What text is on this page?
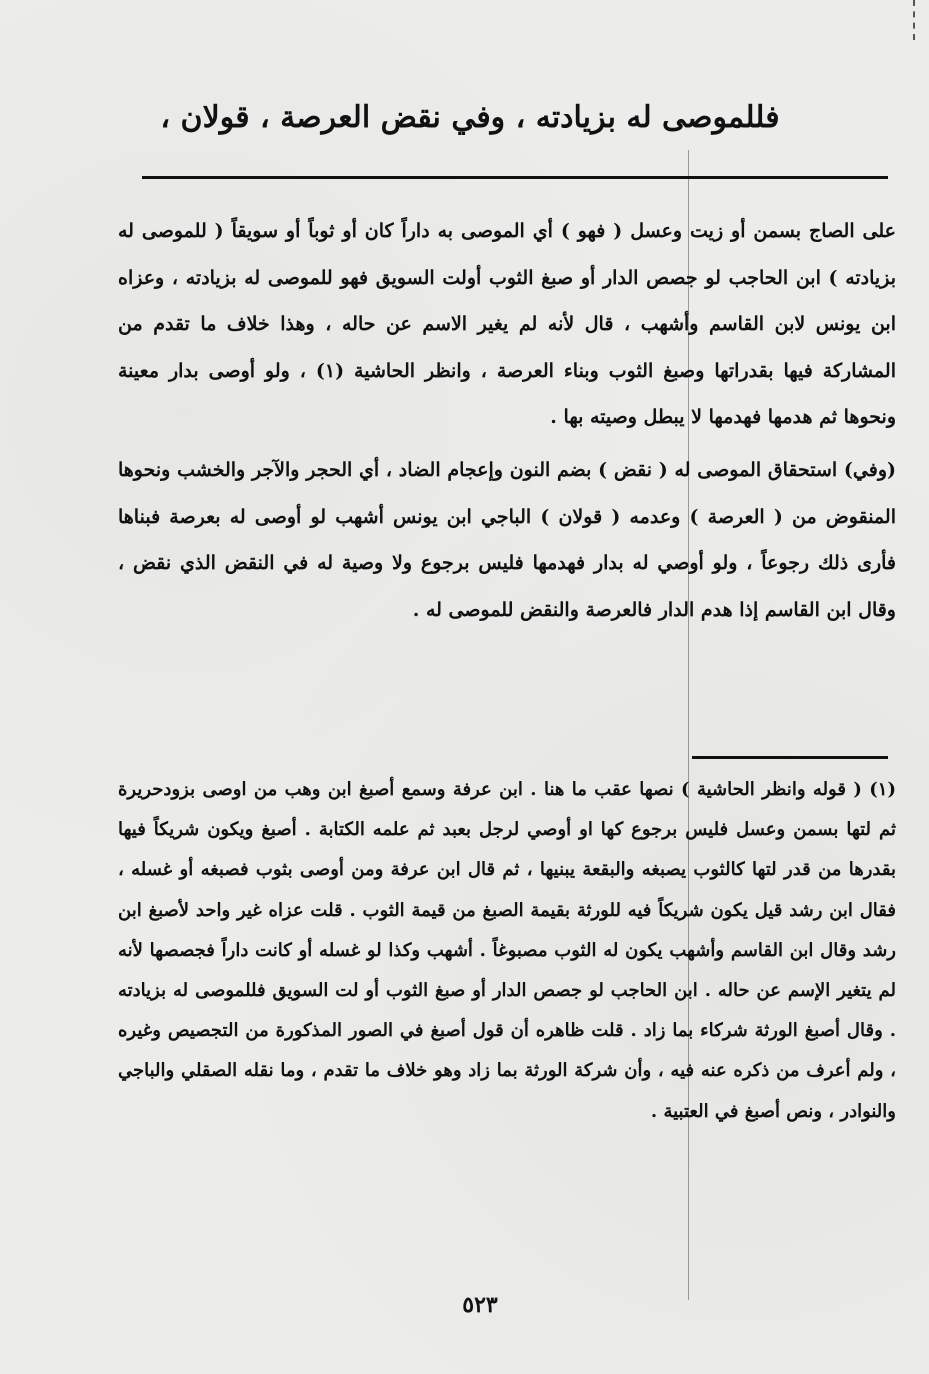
فللموصى له بزيادته ، وفي نقض العرصة ، قولان ،

على الصاج بسمن أو زيت وعسل ( فهو ) أي الموصى به داراً كان أو ثوباً أو سويقاً ( للموصى له بزيادته ) ابن الحاجب لو جصص الدار أو صبغ الثوب أولت السويق فهو للموصى له بزيادته ، وعزاه ابن يونس لابن القاسم وأشهب ، قال لأنه لم يغير الاسم عن حاله ، وهذا خلاف ما تقدم من المشاركة فيها بقدراتها وصبغ الثوب وبناء العرصة ، وانظر الحاشية (١) ، ولو أوصى بدار معينة ونحوها ثم هدمها فهدمها لا يبطل وصيته بها .

(وفي) استحقاق الموصى له ( نقض ) بضم النون وإعجام الضاد ، أي الحجر والآجر والخشب ونحوها المنقوض من ( العرصة ) وعدمه ( قولان ) الباجي ابن يونس أشهب لو أوصى له بعرصة فبناها فأرى ذلك رجوعاً ، ولو أوصي له بدار فهدمها فليس برجوع ولا وصية له في النقض الذي نقض ، وقال ابن القاسم إذا هدم الدار فالعرصة والنقض للموصى له .

(١) ( قوله وانظر الحاشية ) نصها عقب ما هنا . ابن عرفة وسمع أصبغ ابن وهب من اوصى بزودحريرة ثم لتها بسمن وعسل فليس برجوع كها او أوصي لرجل بعبد ثم علمه الكتابة . أصبغ ويكون شريكاً فيها بقدرها من قدر لتها كالثوب يصبغه والبقعة يبنيها ، ثم قال ابن عرفة ومن أوصى بثوب فصبغه أو غسله ، فقال ابن رشد قيل يكون شريكاً فيه للورثة بقيمة الصبغ من قيمة الثوب . قلت عزاه غير واحد لأصبغ ابن رشد وقال ابن القاسم وأشهب يكون له الثوب مصبوغاً . أشهب وكذا لو غسله أو كانت داراً فجصصها لأنه لم يتغير الإسم عن حاله . ابن الحاجب لو جصص الدار أو صبغ الثوب أو لت السويق فللموصى له بزيادته . وقال أصبغ الورثة شركاء بما زاد . قلت ظاهره أن قول أصبغ في الصور المذكورة من التجصيص وغيره ، ولم أعرف من ذكره عنه فيه ، وأن شركة الورثة بما زاد وهو خلاف ما تقدم ، وما نقله الصقلي والباجي والنوادر ، ونص أصبغ في العتبية .

٥٢٣
